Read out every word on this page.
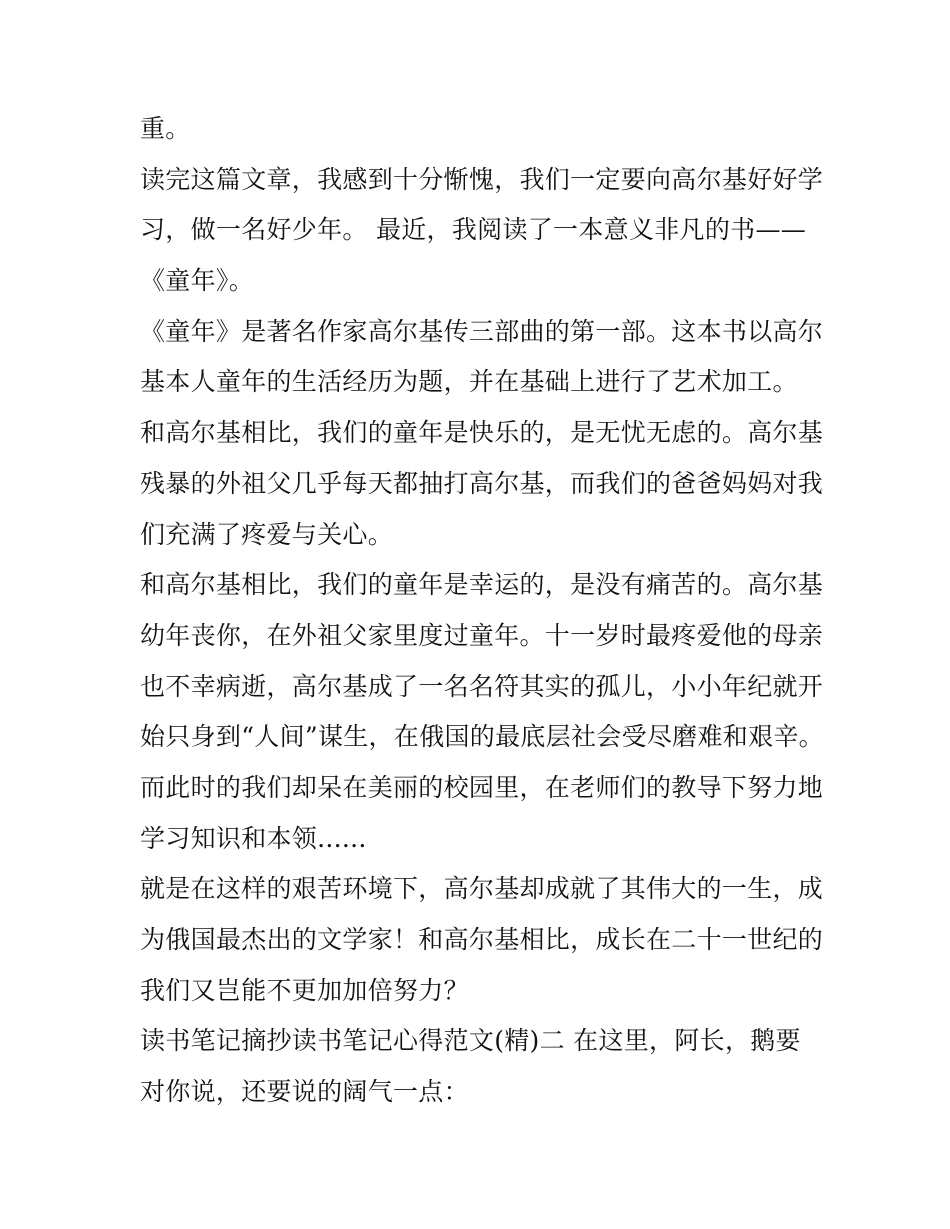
重。
读完这篇文章，我感到十分惭愧，我们一定要向高尔基好好学
习，做一名好少年。 最近，我阅读了一本意义非凡的书——
《童年》。
《童年》是著名作家高尔基传三部曲的第一部。这本书以高尔
基本人童年的生活经历为题，并在基础上进行了艺术加工。
和高尔基相比，我们的童年是快乐的，是无忧无虑的。高尔基
残暴的外祖父几乎每天都抽打高尔基，而我们的爸爸妈妈对我
们充满了疼爱与关心。
和高尔基相比，我们的童年是幸运的，是没有痛苦的。高尔基
幼年丧你，在外祖父家里度过童年。十一岁时最疼爱他的母亲
也不幸病逝，高尔基成了一名名符其实的孤儿，小小年纪就开
始只身到“人间”谋生，在俄国的最底层社会受尽磨难和艰辛。
而此时的我们却呆在美丽的校园里，在老师们的教导下努力地
学习知识和本领......
就是在这样的艰苦环境下，高尔基却成就了其伟大的一生，成
为俄国最杰出的文学家！和高尔基相比，成长在二十一世纪的
我们又岂能不更加加倍努力？
读书笔记摘抄读书笔记心得范文(精)二 在这里，阿长，鹅要
对你说，还要说的阔气一点：
